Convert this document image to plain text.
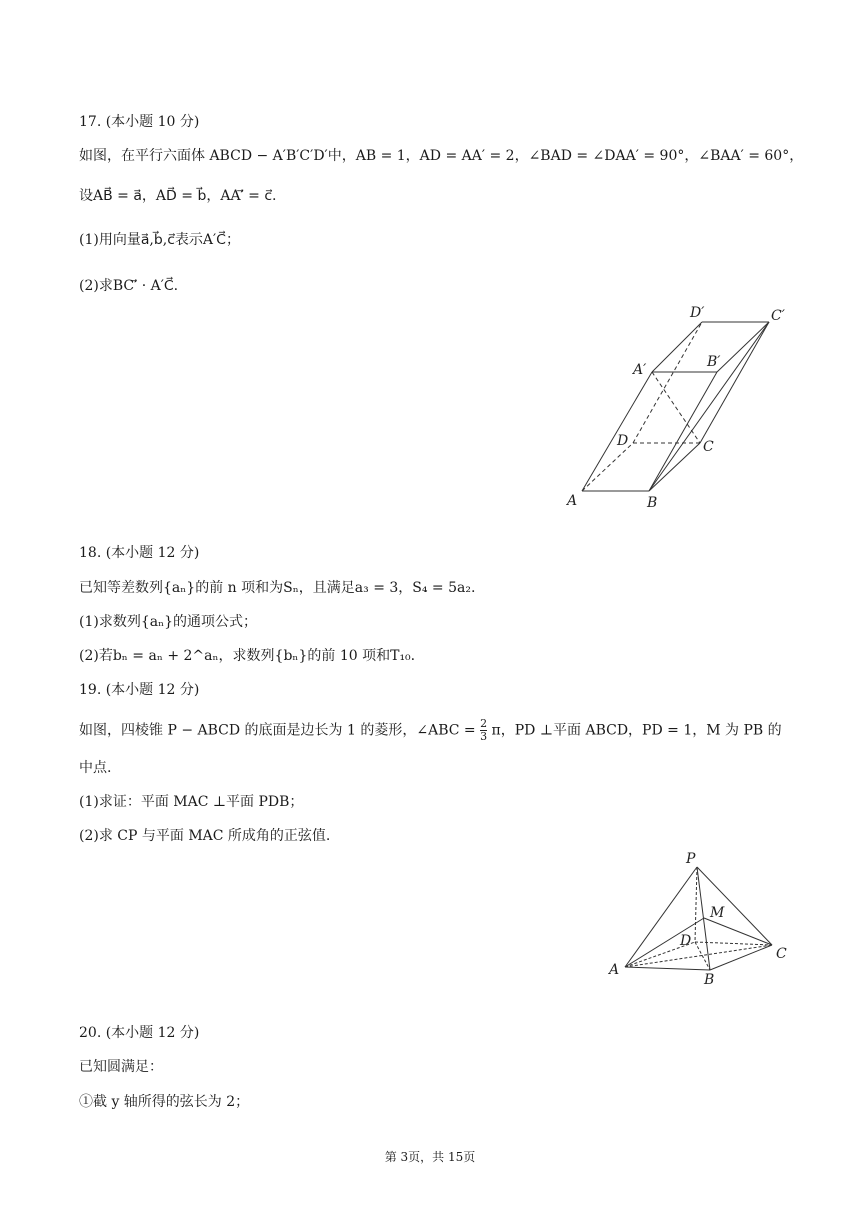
17. (本小题 10 分)
如图，在平行六面体 ABCD − A′B′C′D′中，AB = 1，AD = AA′ = 2，∠BAD = ∠DAA′ = 90°，∠BAA′ = 60°，
设AB⃗ = a⃗，AD⃗ = b⃗，AA′⃗ = c⃗.
(1)用向量a⃗,b⃗,c⃗表示A′C⃗；
(2)求BC′⃗ · A′C⃗.
A	B
C
D
A′	B′
C′
D′
18. (本小题 12 分)
已知等差数列{aₙ}的前 n 项和为Sₙ，且满足a₃ = 3，S₄ = 5a₂.
(1)求数列{aₙ}的通项公式；
(2)若bₙ = aₙ + 2^aₙ，求数列{bₙ}的前 10 项和T₁₀.
19. (本小题 12 分)
如图，四棱锥 P − ABCD 的底面是边长为 1 的菱形，∠ABC = $\frac{2}{3}$ π，PD ⊥平面 ABCD，PD = 1，M 为 PB 的
中点.
(1)求证：平面 MAC ⊥平面 PDB；
(2)求 CP 与平面 MAC 所成角的正弦值.
P
M
D
A
B
C
20. (本小题 12 分)
已知圆满足：
①截 y 轴所得的弦长为 2；
第 3页，共 15页
